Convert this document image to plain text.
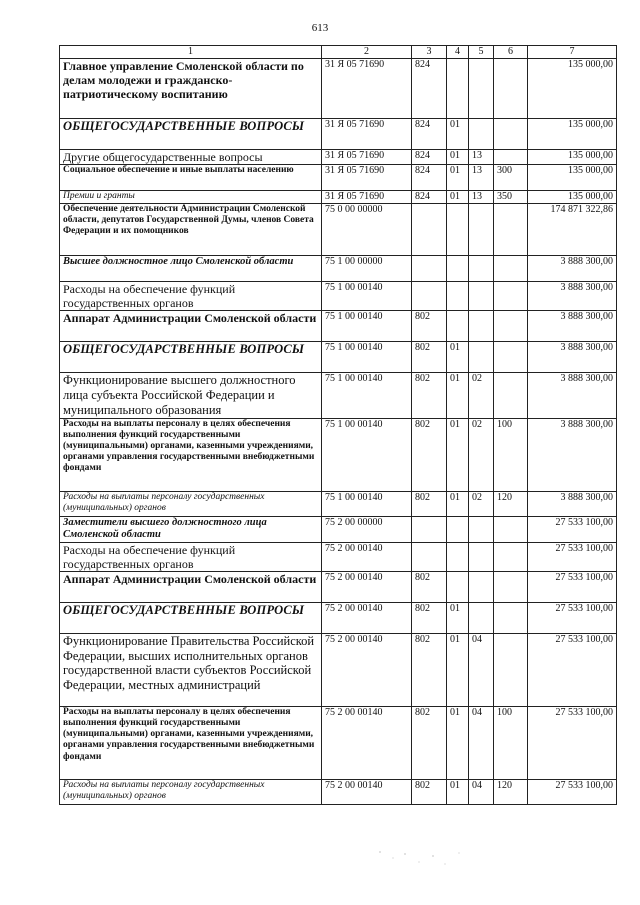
613
1	2	3	4	5	6	7
Главное управление Смоленской области по делам молодежи и гражданско-патриотическому воспитанию	31 Я 05 71690	824				135 000,00
ОБЩЕГОСУДАРСТВЕННЫЕ ВОПРОСЫ	31 Я 05 71690	824	01			135 000,00
Другие общегосударственные вопросы	31 Я 05 71690	824	01	13		135 000,00
Социальное обеспечение и иные выплаты населению	31 Я 05 71690	824	01	13	300	135 000,00
Премии и гранты	31 Я 05 71690	824	01	13	350	135 000,00
Обеспечение деятельности Администрации Смоленской области, депутатов Государственной Думы, членов Совета Федерации и их помощников	75 0 00 00000					174 871 322,86
Высшее должностное лицо Смоленской области	75 1 00 00000					3 888 300,00
Расходы на обеспечение функций государственных органов	75 1 00 00140					3 888 300,00
Аппарат Администрации Смоленской области	75 1 00 00140	802				3 888 300,00
ОБЩЕГОСУДАРСТВЕННЫЕ ВОПРОСЫ	75 1 00 00140	802	01			3 888 300,00
Функционирование высшего должностного лица субъекта Российской Федерации и муниципального образования	75 1 00 00140	802	01	02		3 888 300,00
Расходы на выплаты персоналу в целях обеспечения выполнения функций государственными (муниципальными) органами, казенными учреждениями, органами управления государственными внебюджетными фондами	75 1 00 00140	802	01	02	100	3 888 300,00
Расходы на выплаты персоналу государственных (муниципальных) органов	75 1 00 00140	802	01	02	120	3 888 300,00
Заместители высшего должностного лица Смоленской области	75 2 00 00000					27 533 100,00
Расходы на обеспечение функций государственных органов	75 2 00 00140					27 533 100,00
Аппарат Администрации Смоленской области	75 2 00 00140	802				27 533 100,00
ОБЩЕГОСУДАРСТВЕННЫЕ ВОПРОСЫ	75 2 00 00140	802	01			27 533 100,00
Функционирование Правительства Российской Федерации, высших исполнительных органов государственной власти субъектов Российской Федерации, местных администраций	75 2 00 00140	802	01	04		27 533 100,00
Расходы на выплаты персоналу в целях обеспечения выполнения функций государственными (муниципальными) органами, казенными учреждениями, органами управления государственными внебюджетными фондами	75 2 00 00140	802	01	04	100	27 533 100,00
Расходы на выплаты персоналу государственных (муниципальных) органов	75 2 00 00140	802	01	04	120	27 533 100,00
